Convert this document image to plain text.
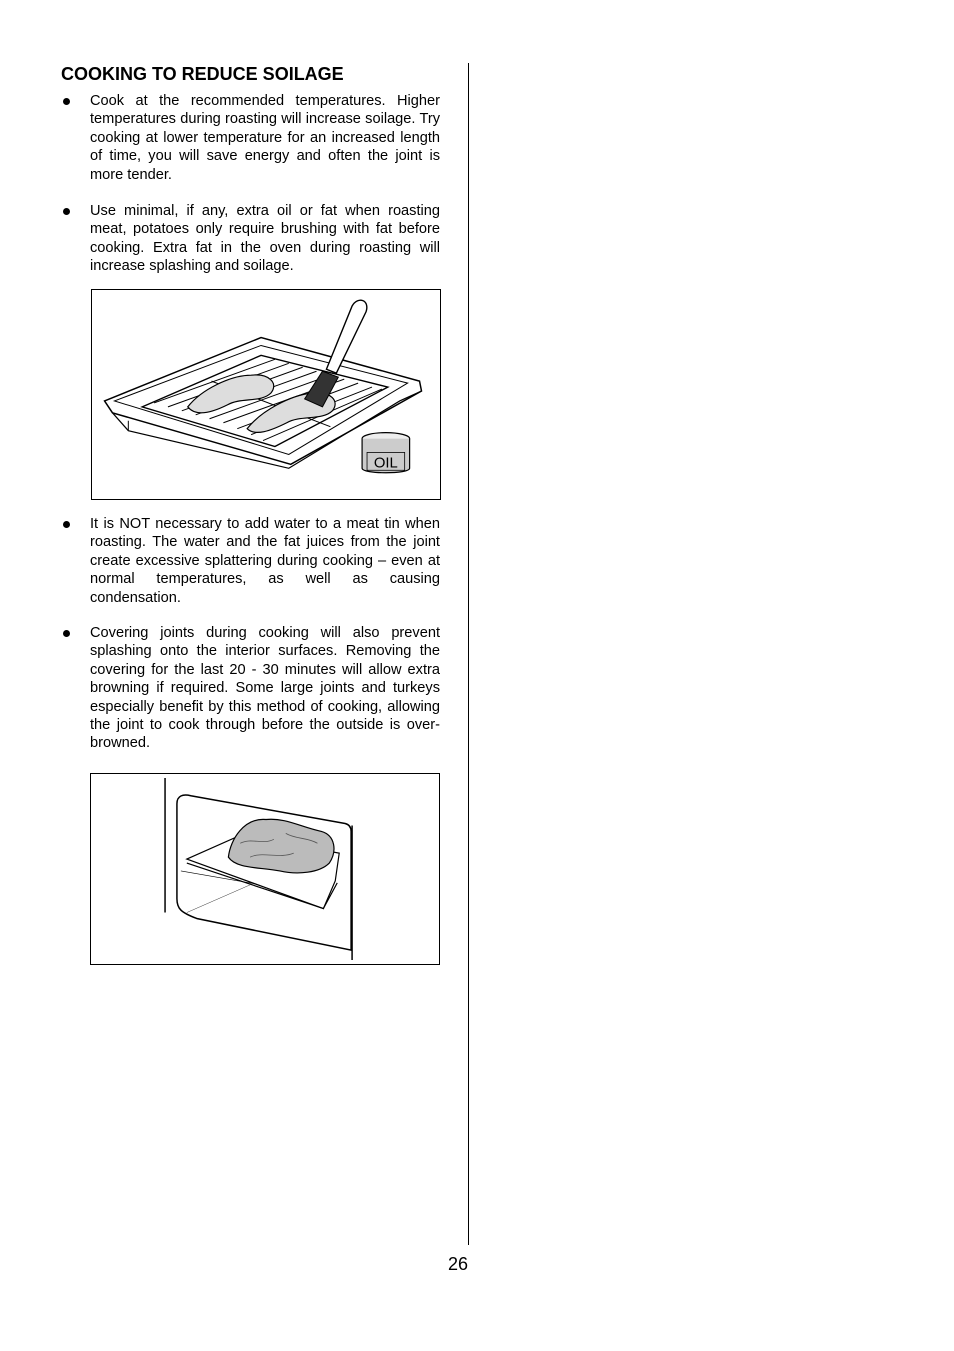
COOKING TO REDUCE SOILAGE

Cook at the recommended temperatures. Higher temperatures during roasting will increase soilage. Try cooking at lower temperature for an increased length of time, you will save energy and often the joint is more tender.

Use minimal, if any, extra oil or fat when roasting meat, potatoes only require brushing with fat before cooking. Extra fat in the oven during roasting will increase splashing and soilage.

OIL

It is NOT necessary to add water to a meat tin when roasting. The water and the fat juices from the joint create excessive splattering during cooking – even at normal temperatures, as well as causing condensation.

Covering joints during cooking will also prevent splashing onto the interior surfaces. Removing the covering for the last 20 - 30 minutes will allow extra browning if required. Some large joints and turkeys especially benefit by this method of cooking, allowing the joint to cook through before the outside is over-browned.

26
